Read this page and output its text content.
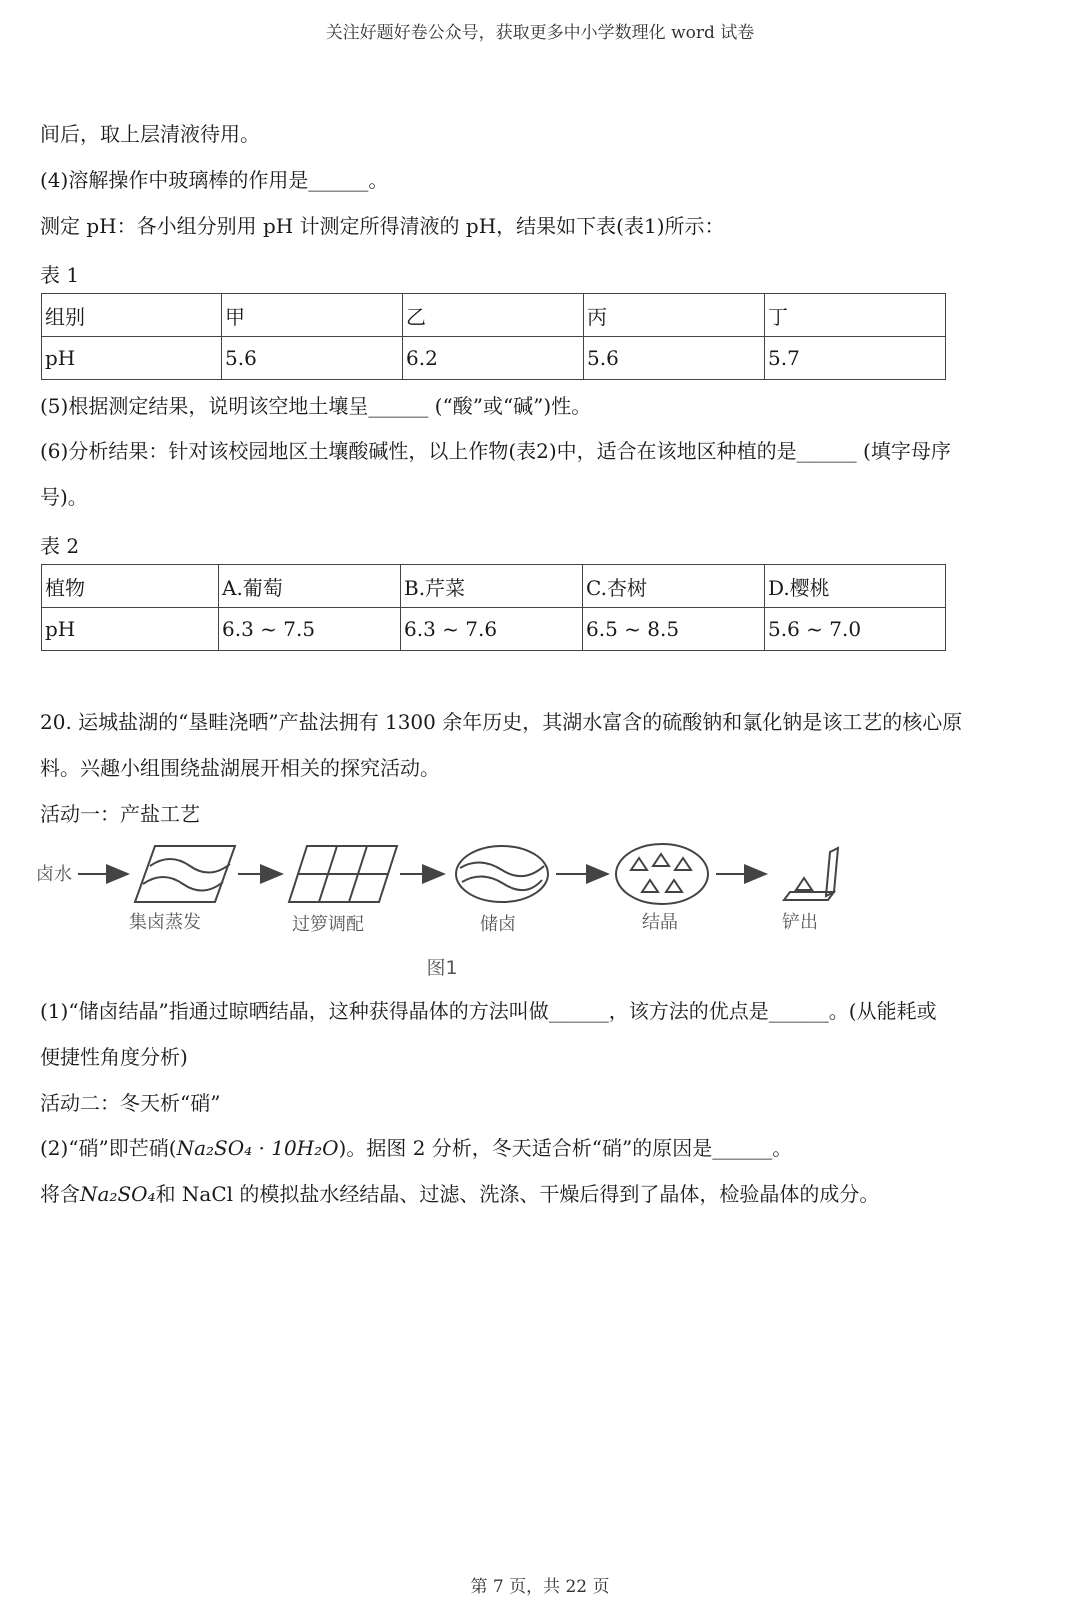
关注好题好卷公众号，获取更多中小学数理化 word 试卷
间后，取上层清液待用。
(4)溶解操作中玻璃棒的作用是______。
测定 pH：各小组分别用 pH 计测定所得清液的 pH，结果如下表(表1)所示：
表 1
组别	甲	乙	丙	丁
pH	5.6	6.2	5.6	5.7
(5)根据测定结果，说明该空地土壤呈______ (“酸”或“碱”)性。
(6)分析结果：针对该校园地区土壤酸碱性，以上作物(表2)中，适合在该地区种植的是______ (填字母序
号)。
表 2
植物	A.葡萄	B.芹菜	C.杏树	D.樱桃
pH	6.3 ~ 7.5	6.3 ~ 7.6	6.5 ~ 8.5	5.6 ~ 7.0
20. 运城盐湖的“垦畦浇晒”产盐法拥有 1300 余年历史，其湖水富含的硫酸钠和氯化钠是该工艺的核心原
料。兴趣小组围绕盐湖展开相关的探究活动。
活动一：产盐工艺
卤水
集卤蒸发	过箩调配	储卤	结晶	铲出
图1
(1)“储卤结晶”指通过晾晒结晶，这种获得晶体的方法叫做______，该方法的优点是______。(从能耗或
便捷性角度分析)
活动二：冬天析“硝”
(2)“硝”即芒硝(Na₂SO₄ · 10H₂O)。据图 2 分析，冬天适合析“硝”的原因是______。
将含Na₂SO₄和 NaCl 的模拟盐水经结晶、过滤、洗涤、干燥后得到了晶体，检验晶体的成分。
第 7 页，共 22 页
